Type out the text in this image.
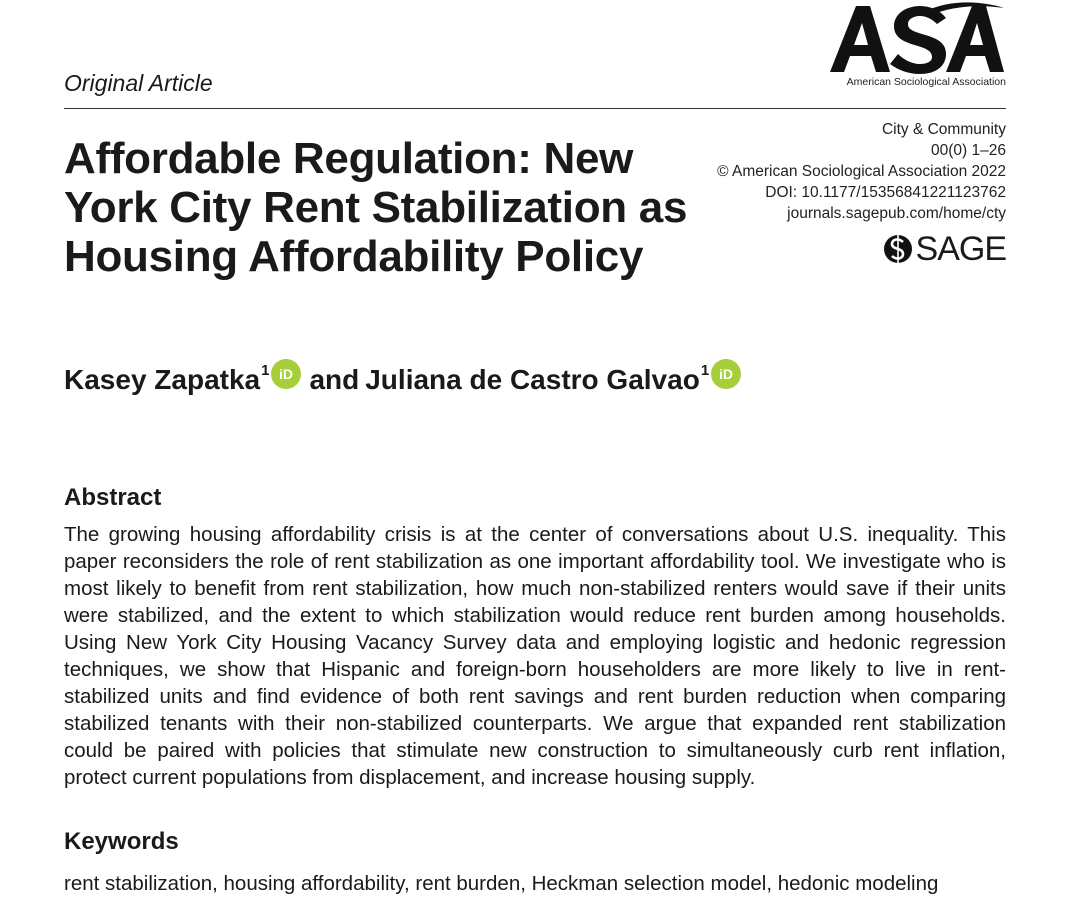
Original Article	American Sociological Association
Affordable Regulation: New York City Rent Stabilization as Housing Affordability Policy
City & Community
00(0) 1–26
© American Sociological Association 2022
DOI: 10.1177/15356841221123762
journals.sagepub.com/home/cty
SAGE
Kasey Zapatka 1 iD and Juliana de Castro Galvao 1 iD
Abstract

The growing housing affordability crisis is at the center of conversations about U.S. inequality. This paper reconsiders the role of rent stabilization as one important affordability tool. We investigate who is most likely to benefit from rent stabilization, how much non-stabilized renters would save if their units were stabilized, and the extent to which stabilization would reduce rent burden among households. Using New York City Housing Vacancy Survey data and employing logistic and hedonic regression techniques, we show that Hispanic and foreign-born householders are more likely to live in rent-stabilized units and find evidence of both rent savings and rent burden reduction when comparing stabilized tenants with their non-stabilized counterparts. We argue that expanded rent stabilization could be paired with policies that stimulate new construction to simultaneously curb rent inflation, protect current populations from displacement, and increase housing supply.

Keywords
rent stabilization, housing affordability, rent burden, Heckman selection model, hedonic modeling
